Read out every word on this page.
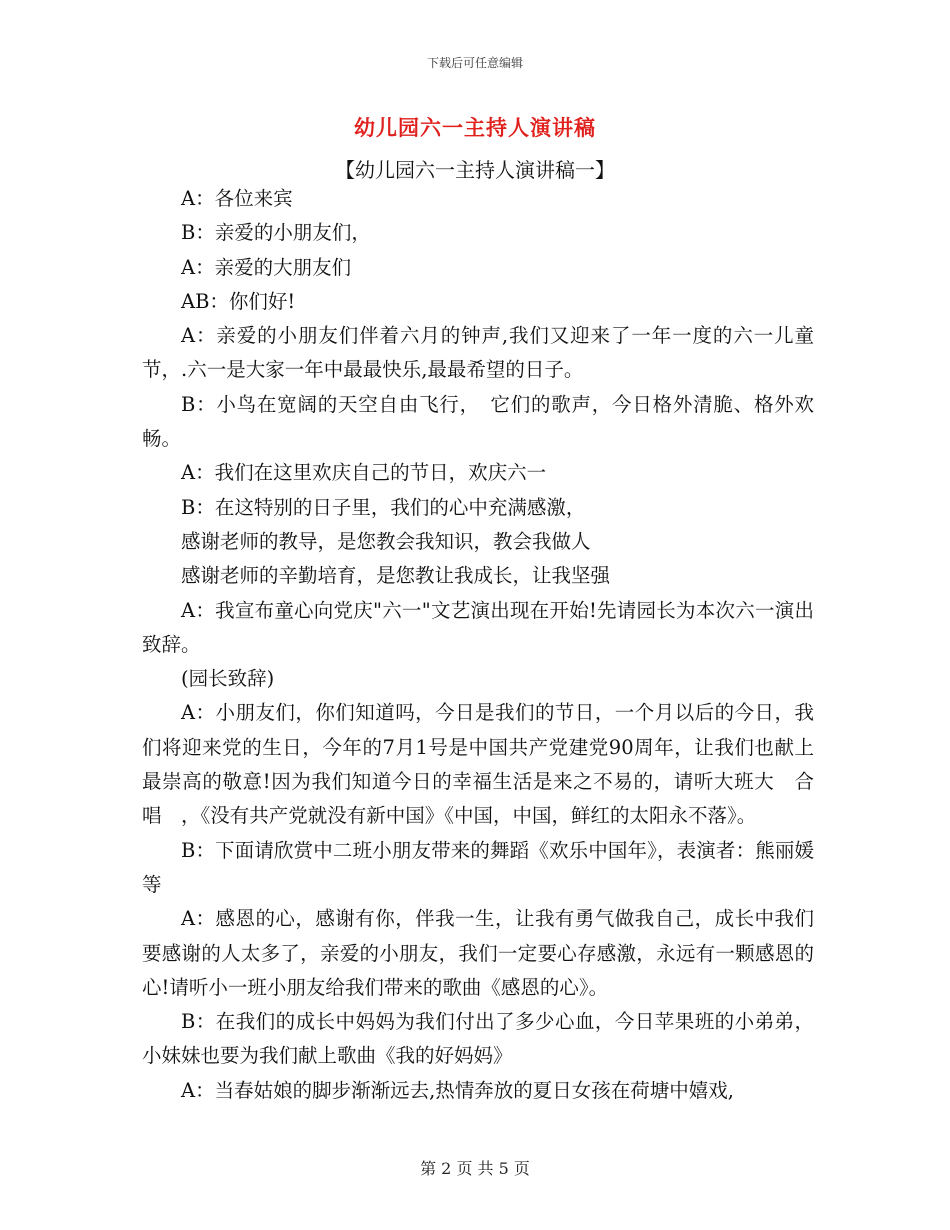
下载后可任意编辑
幼儿园六一主持人演讲稿
【幼儿园六一主持人演讲稿一】

A：各位来宾

B：亲爱的小朋友们，

A：亲爱的大朋友们

AB：你们好!

A：亲爱的小朋友们伴着六月的钟声,我们又迎来了一年一度的六一儿童节，.六一是大家一年中最最快乐,最最希望的日子。

B：小鸟在宽阔的天空自由飞行，　它们的歌声，今日格外清脆、格外欢畅。

A：我们在这里欢庆自己的节日，欢庆六一

B：在这特别的日子里，我们的心中充满感激，

感谢老师的教导，是您教会我知识，教会我做人

感谢老师的辛勤培育，是您教让我成长，让我坚强

A：我宣布童心向党庆"六一"文艺演出现在开始!先请园长为本次六一演出致辞。

(园长致辞)

A：小朋友们，你们知道吗，今日是我们的节日，一个月以后的今日，我们将迎来党的生日，今年的7月1号是中国共产党建党90周年，让我们也献上最崇高的敬意!因为我们知道今日的幸福生活是来之不易的，请听大班大　合　唱　，《没有共产党就没有新中国》《中国，中国，鲜红的太阳永不落》。

B：下面请欣赏中二班小朋友带来的舞蹈《欢乐中国年》，表演者：熊丽媛等

A：感恩的心，感谢有你，伴我一生，让我有勇气做我自己，成长中我们要感谢的人太多了，亲爱的小朋友，我们一定要心存感激，永远有一颗感恩的心!请听小一班小朋友给我们带来的歌曲《感恩的心》。

B：在我们的成长中妈妈为我们付出了多少心血，今日苹果班的小弟弟，小妹妹也要为我们献上歌曲《我的好妈妈》

A：当春姑娘的脚步渐渐远去,热情奔放的夏日女孩在荷塘中嬉戏,

第 2 页 共 5 页
